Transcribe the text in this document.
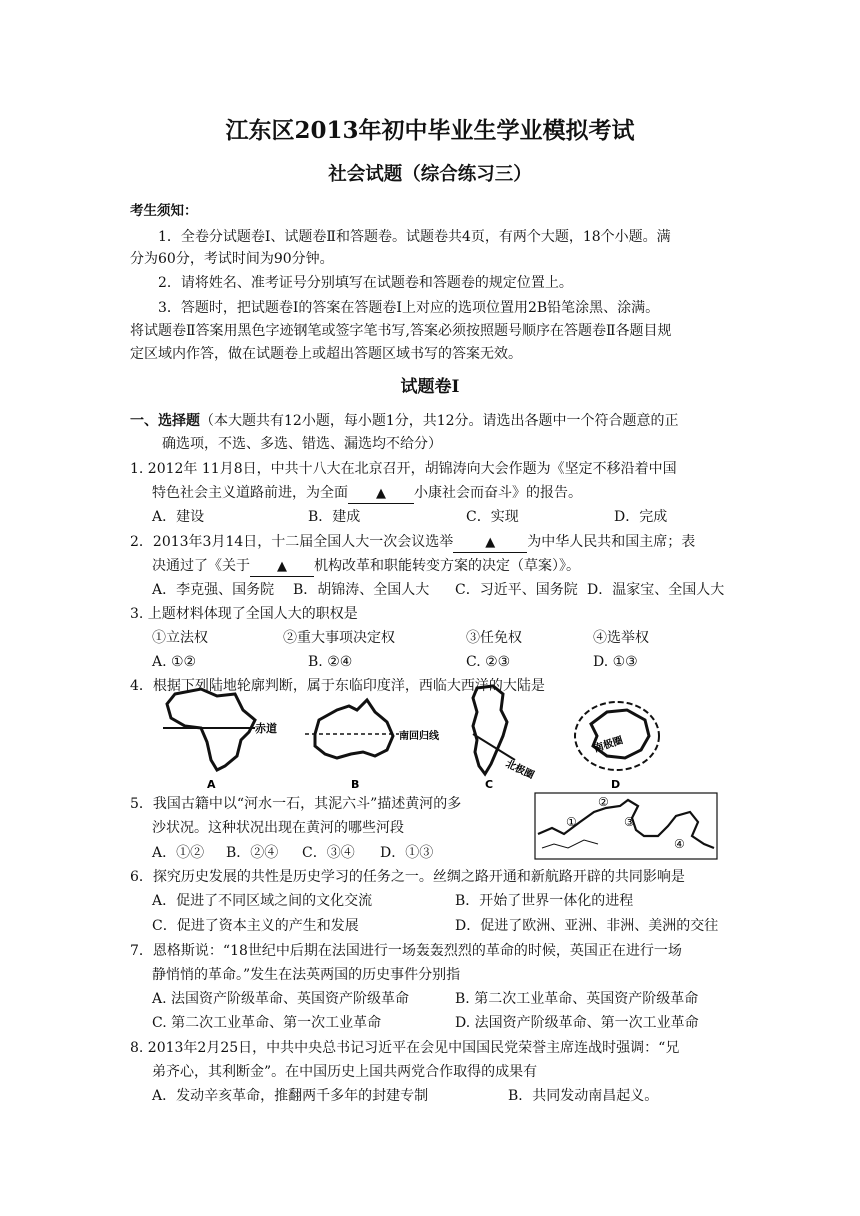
江东区2013年初中毕业生学业模拟考试
社会试题（综合练习三）
考生须知：
1．全卷分试题卷Ⅰ、试题卷Ⅱ和答题卷。试题卷共4页，有两个大题，18个小题。满
分为60分，考试时间为90分钟。
2．请将姓名、准考证号分别填写在试题卷和答题卷的规定位置上。
3．答题时，把试题卷Ⅰ的答案在答题卷Ⅰ上对应的选项位置用2B铅笔涂黑、涂满。
将试题卷Ⅱ答案用黑色字迹钢笔或签字笔书写,答案必须按照题号顺序在答题卷Ⅱ各题目规
定区域内作答，做在试题卷上或超出答题区域书写的答案无效。
试题卷Ⅰ
一、选择题（本大题共有12小题，每小题1分，共12分。请选出各题中一个符合题意的正
确选项，不选、多选、错选、漏选均不给分）
1. 2012年 11月8日，中共十八大在北京召开，胡锦涛向大会作题为《坚定不移沿着中国
特色社会主义道路前进，为全面 ▲ 小康社会而奋斗》的报告。
A．建设	B．建成	C．实现	D．完成
2．2013年3月14日，十二届全国人大一次会议选举 ▲ 为中华人民共和国主席；表
决通过了《关于 ▲ 机构改革和职能转变方案的决定（草案）》。
A．李克强、国务院 B．胡锦涛、全国人大 C．习近平、国务院 D．温家宝、全国人大
3. 上题材料体现了全国人大的职权是
①立法权	②重大事项决定权	③任免权	④选举权
A. ①②	B. ②④	C. ②③	D. ①③
4．根据下列陆地轮廓判断，属于东临印度洋，西临大西洋的大陆是
赤道
A
南回归线
B
北极圈
C
南极圈
D
5．我国古籍中以“河水一石，其泥六斗”描述黄河的多
沙状况。这种状况出现在黄河的哪些河段
A．①② B．②④ C．③④ D．①③
①
②
③
④
6．探究历史发展的共性是历史学习的任务之一。丝绸之路开通和新航路开辟的共同影响是
A．促进了不同区域之间的文化交流	B．开始了世界一体化的进程
C．促进了资本主义的产生和发展	D．促进了欧洲、亚洲、非洲、美洲的交往
7．恩格斯说：“18世纪中后期在法国进行一场轰轰烈烈的革命的时候，英国正在进行一场
静悄悄的革命。”发生在法英两国的历史事件分别指
A. 法国资产阶级革命、英国资产阶级革命	B. 第二次工业革命、英国资产阶级革命
C. 第二次工业革命、第一次工业革命	D. 法国资产阶级革命、第一次工业革命
8. 2013年2月25日，中共中央总书记习近平在会见中国国民党荣誉主席连战时强调：“兄
弟齐心，其利断金”。在中国历史上国共两党合作取得的成果有
A．发动辛亥革命，推翻两千多年的封建专制	B．共同发动南昌起义。
